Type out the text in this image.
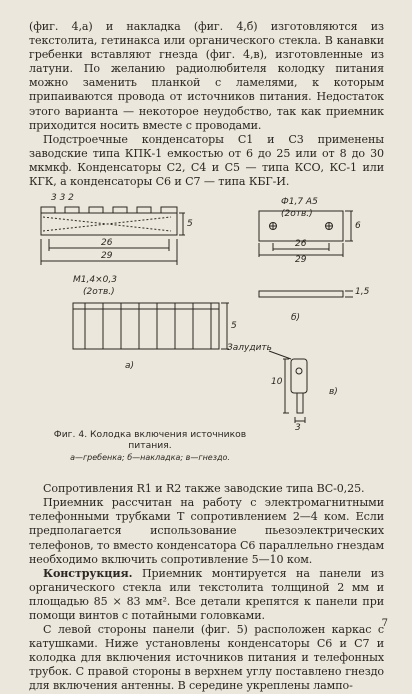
(фиг. 4,а) и накладка (фиг. 4,б) изготовляются из текстолита, гетинакса или органического стекла. В канавки гребенки вставляют гнезда (фиг. 4,в), изготовленные из латуни. По желанию радиолюбителя колодку питания можно заменить планкой с ламелями, к которым припаиваются провода от источников питания. Недостаток этого варианта — некоторое неудобство, так как приемник приходится носить вместе с проводами.

Подстроечные конденсаторы C1 и C3 применены заводские типа КПК-1 емкостью от 6 до 25 или от 8 до 30 мкмкф. Конденсаторы C2, C4 и C5 — типа КСО, КС-1 или КГК, а конденсаторы C6 и C7 — типа КБГ-И.

3 3 2
5
26
29
M1,4×0,3
(2отв.)
5
а)
Ф1,7 А5
(2отв.)
26
29
6
1,5
б)
Залудить
10
3
в)
Фиг. 4. Колодка включения источников питания.
а—гребенка; б—накладка; в—гнездо.

Сопротивления R1 и R2 также заводские типа ВС-0,25.

Приемник рассчитан на работу с электромагнитными телефонными трубками T сопротивлением 2—4 ком. Если предполагается использование пьезоэлектрических телефонов, то вместо конденсатора C6 параллельно гнездам необходимо включить сопротивление 5—10 ком.

Конструкция. Приемник монтируется на панели из органического стекла или текстолита толщиной 2 мм и площадью 85 × 83 мм². Все детали крепятся к панели при помощи винтов с потайными головками.

С левой стороны панели (фиг. 5) расположен каркас с катушками. Ниже установлены конденсаторы C6 и C7 и колодка для включения источников питания и телефонных трубок. С правой стороны в верхнем углу поставлено гнездо для включения антенны. В середине укреплены лампо-

7
